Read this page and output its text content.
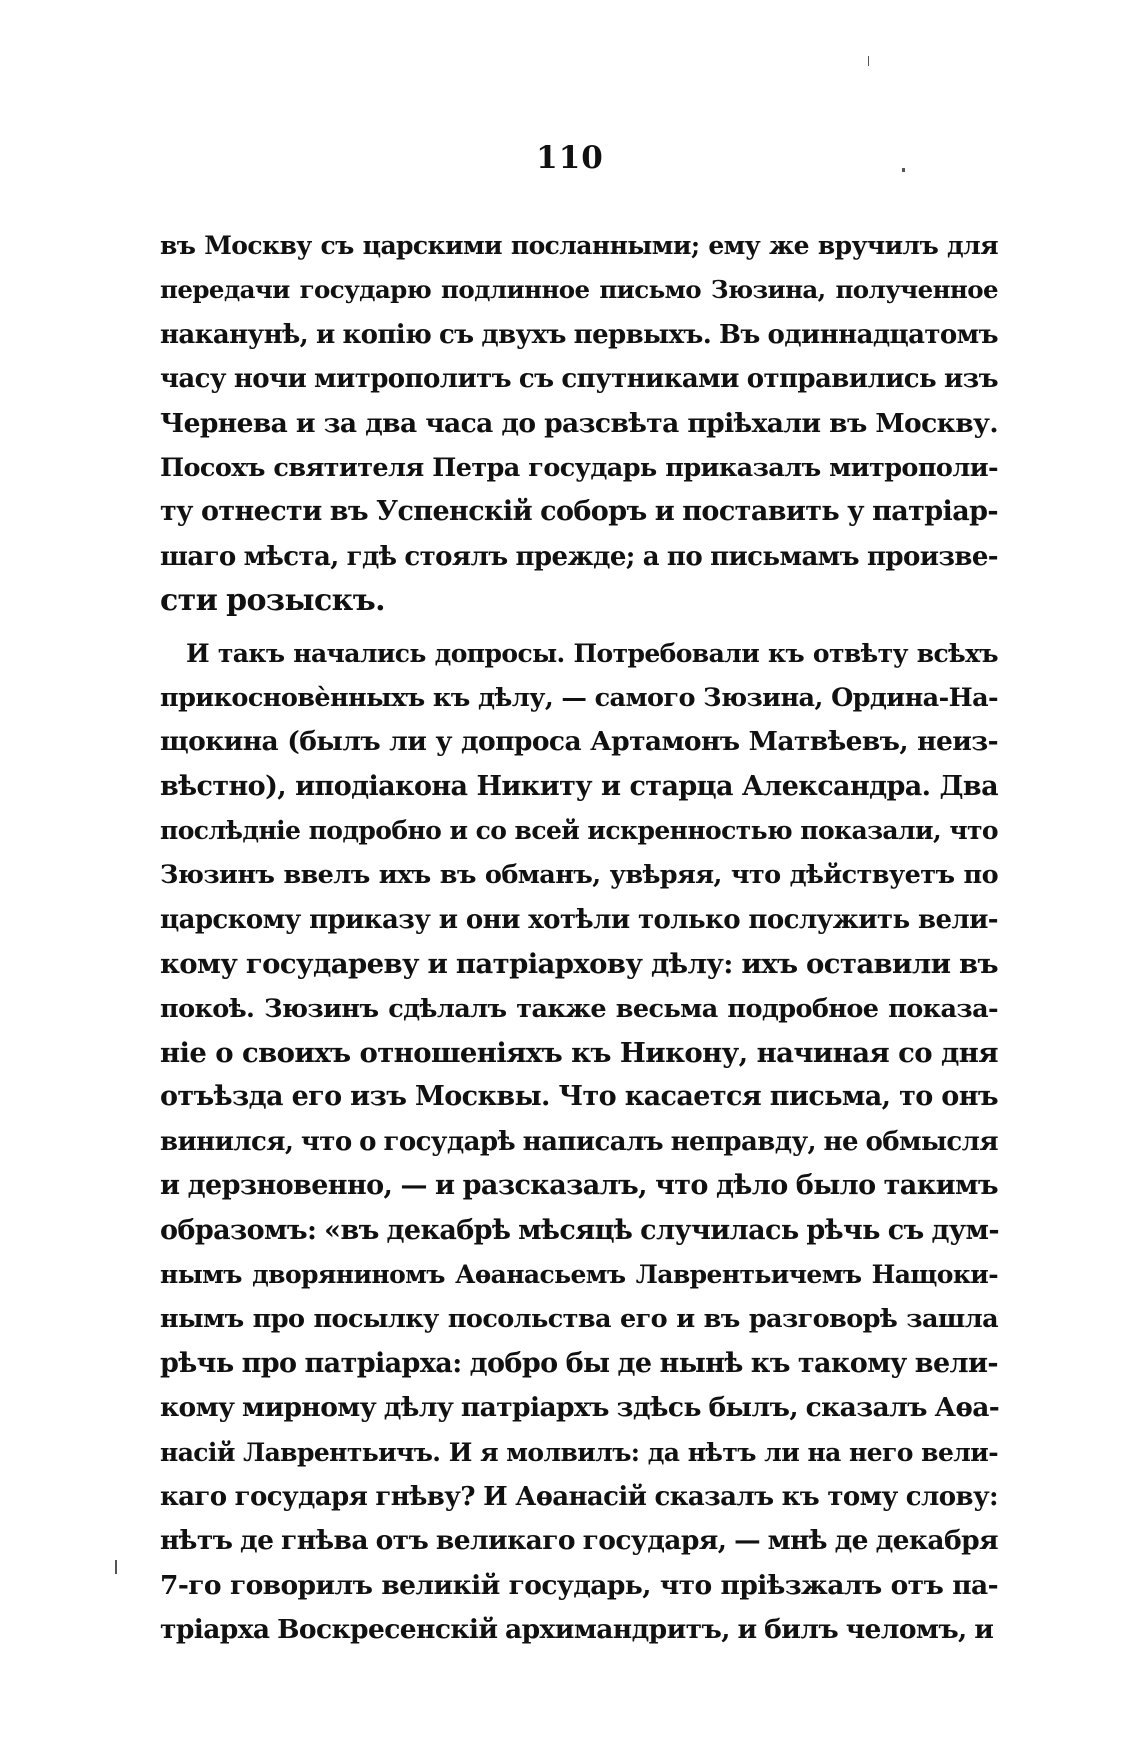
110
въ Москву съ царскими посланными; ему же вручилъ для
передачи государю подлинное письмо Зюзина, полученное
наканунѣ, и копію съ двухъ первыхъ. Въ одиннадцатомъ
часу ночи митрополитъ съ спутниками отправились изъ
Чернева и за два часа до разсвѣта пріѣхали въ Москву.
Посохъ святителя Петра государь приказалъ митрополи-
ту отнести въ Успенскій соборъ и поставить у патріар-
шаго мѣста, гдѣ стоялъ прежде; а по письмамъ произве-
сти розыскъ.
И такъ начались допросы. Потребовали къ отвѣту всѣхъ
прикосновѐнныхъ къ дѣлу, — самого Зюзина, Ордина-На-
щокина (былъ ли у допроса Артамонъ Матвѣевъ, неиз-
вѣстно), иподіакона Никиту и старца Александра. Два
послѣдніе подробно и со всей искренностью показали, что
Зюзинъ ввелъ ихъ въ обманъ, увѣряя, что дѣйствуетъ по
царскому приказу и они хотѣли только послужить вели-
кому государеву и патріархову дѣлу: ихъ оставили въ
покоѣ. Зюзинъ сдѣлалъ также весьма подробное показа-
ніе о своихъ отношеніяхъ къ Никону, начиная со дня
отъѣзда его изъ Москвы. Что касается письма, то онъ
винился, что о государѣ написалъ неправду, не обмысля
и дерзновенно, — и разсказалъ, что дѣло было такимъ
образомъ: «въ декабрѣ мѣсяцѣ случилась рѣчь съ дум-
нымъ дворяниномъ Аѳанасьемъ Лаврентьичемъ Нащоки-
нымъ про посылку посольства его и въ разговорѣ зашла
рѣчь про патріарха: добро бы де нынѣ къ такому вели-
кому мирному дѣлу патріархъ здѣсь былъ, сказалъ Аѳа-
насій Лаврентьичъ. И я молвилъ: да нѣтъ ли на него вели-
каго государя гнѣву? И Аѳанасій сказалъ къ тому слову:
нѣтъ де гнѣва отъ великаго государя, — мнѣ де декабря
7-го говорилъ великій государь, что пріѣзжалъ отъ па-
тріарха Воскресенскій архимандритъ, и билъ челомъ, и
